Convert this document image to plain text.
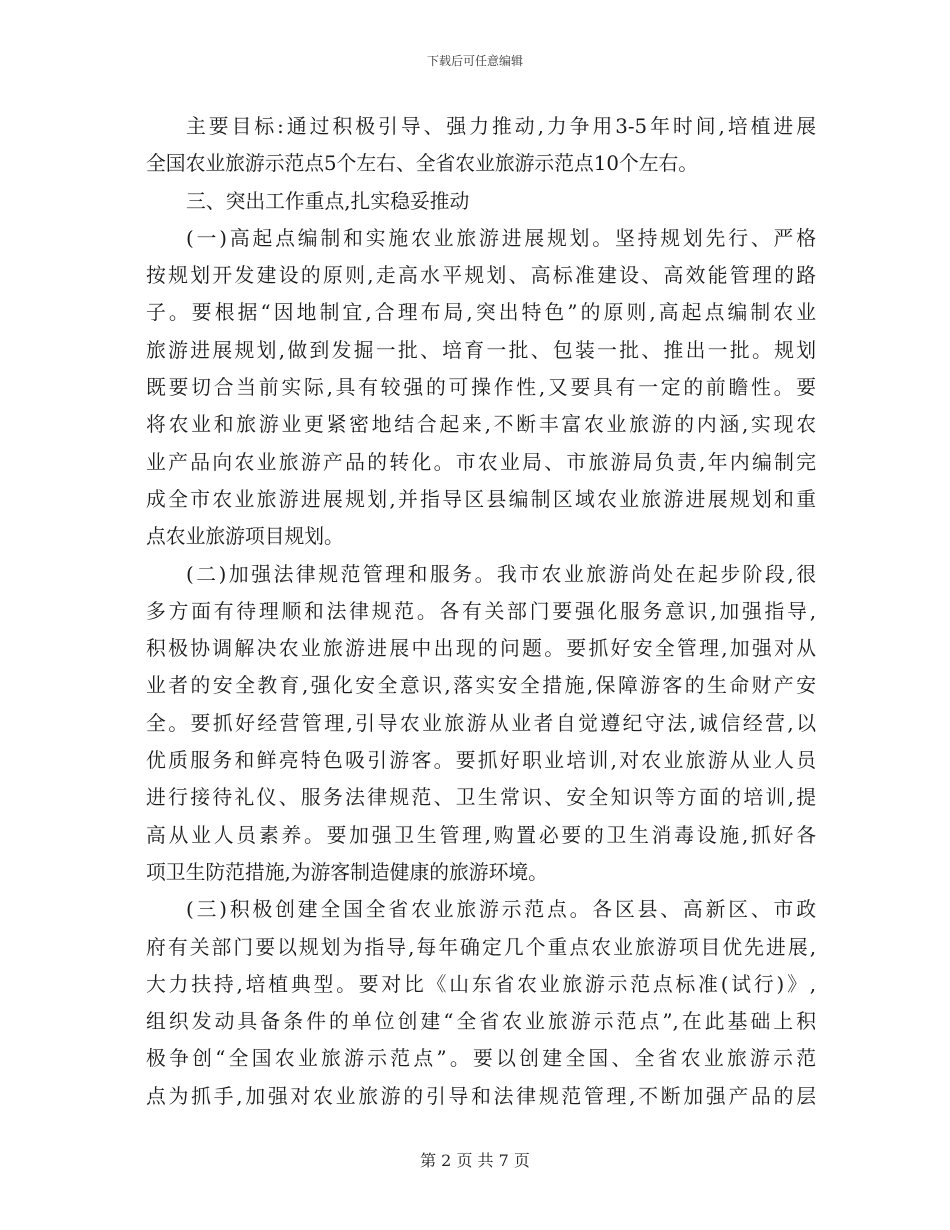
下载后可任意编辑
主要目标:通过积极引导、强力推动,力争用3-5年时间,培植进展
全国农业旅游示范点5个左右、全省农业旅游示范点10个左右。
三、突出工作重点,扎实稳妥推动
(一)高起点编制和实施农业旅游进展规划。坚持规划先行、严格
按规划开发建设的原则,走高水平规划、高标准建设、高效能管理的路
子。要根据“因地制宜,合理布局,突出特色”的原则,高起点编制农业
旅游进展规划,做到发掘一批、培育一批、包装一批、推出一批。规划
既要切合当前实际,具有较强的可操作性,又要具有一定的前瞻性。要
将农业和旅游业更紧密地结合起来,不断丰富农业旅游的内涵,实现农
业产品向农业旅游产品的转化。市农业局、市旅游局负责,年内编制完
成全市农业旅游进展规划,并指导区县编制区域农业旅游进展规划和重
点农业旅游项目规划。
(二)加强法律规范管理和服务。我市农业旅游尚处在起步阶段,很
多方面有待理顺和法律规范。各有关部门要强化服务意识,加强指导,
积极协调解决农业旅游进展中出现的问题。要抓好安全管理,加强对从
业者的安全教育,强化安全意识,落实安全措施,保障游客的生命财产安
全。要抓好经营管理,引导农业旅游从业者自觉遵纪守法,诚信经营,以
优质服务和鲜亮特色吸引游客。要抓好职业培训,对农业旅游从业人员
进行接待礼仪、服务法律规范、卫生常识、安全知识等方面的培训,提
高从业人员素养。要加强卫生管理,购置必要的卫生消毒设施,抓好各
项卫生防范措施,为游客制造健康的旅游环境。
(三)积极创建全国全省农业旅游示范点。各区县、高新区、市政
府有关部门要以规划为指导,每年确定几个重点农业旅游项目优先进展,
大力扶持,培植典型。要对比《山东省农业旅游示范点标准(试行)》,
组织发动具备条件的单位创建“全省农业旅游示范点”,在此基础上积
极争创“全国农业旅游示范点”。要以创建全国、全省农业旅游示范
点为抓手,加强对农业旅游的引导和法律规范管理,不断加强产品的层
第 2 页 共 7 页
